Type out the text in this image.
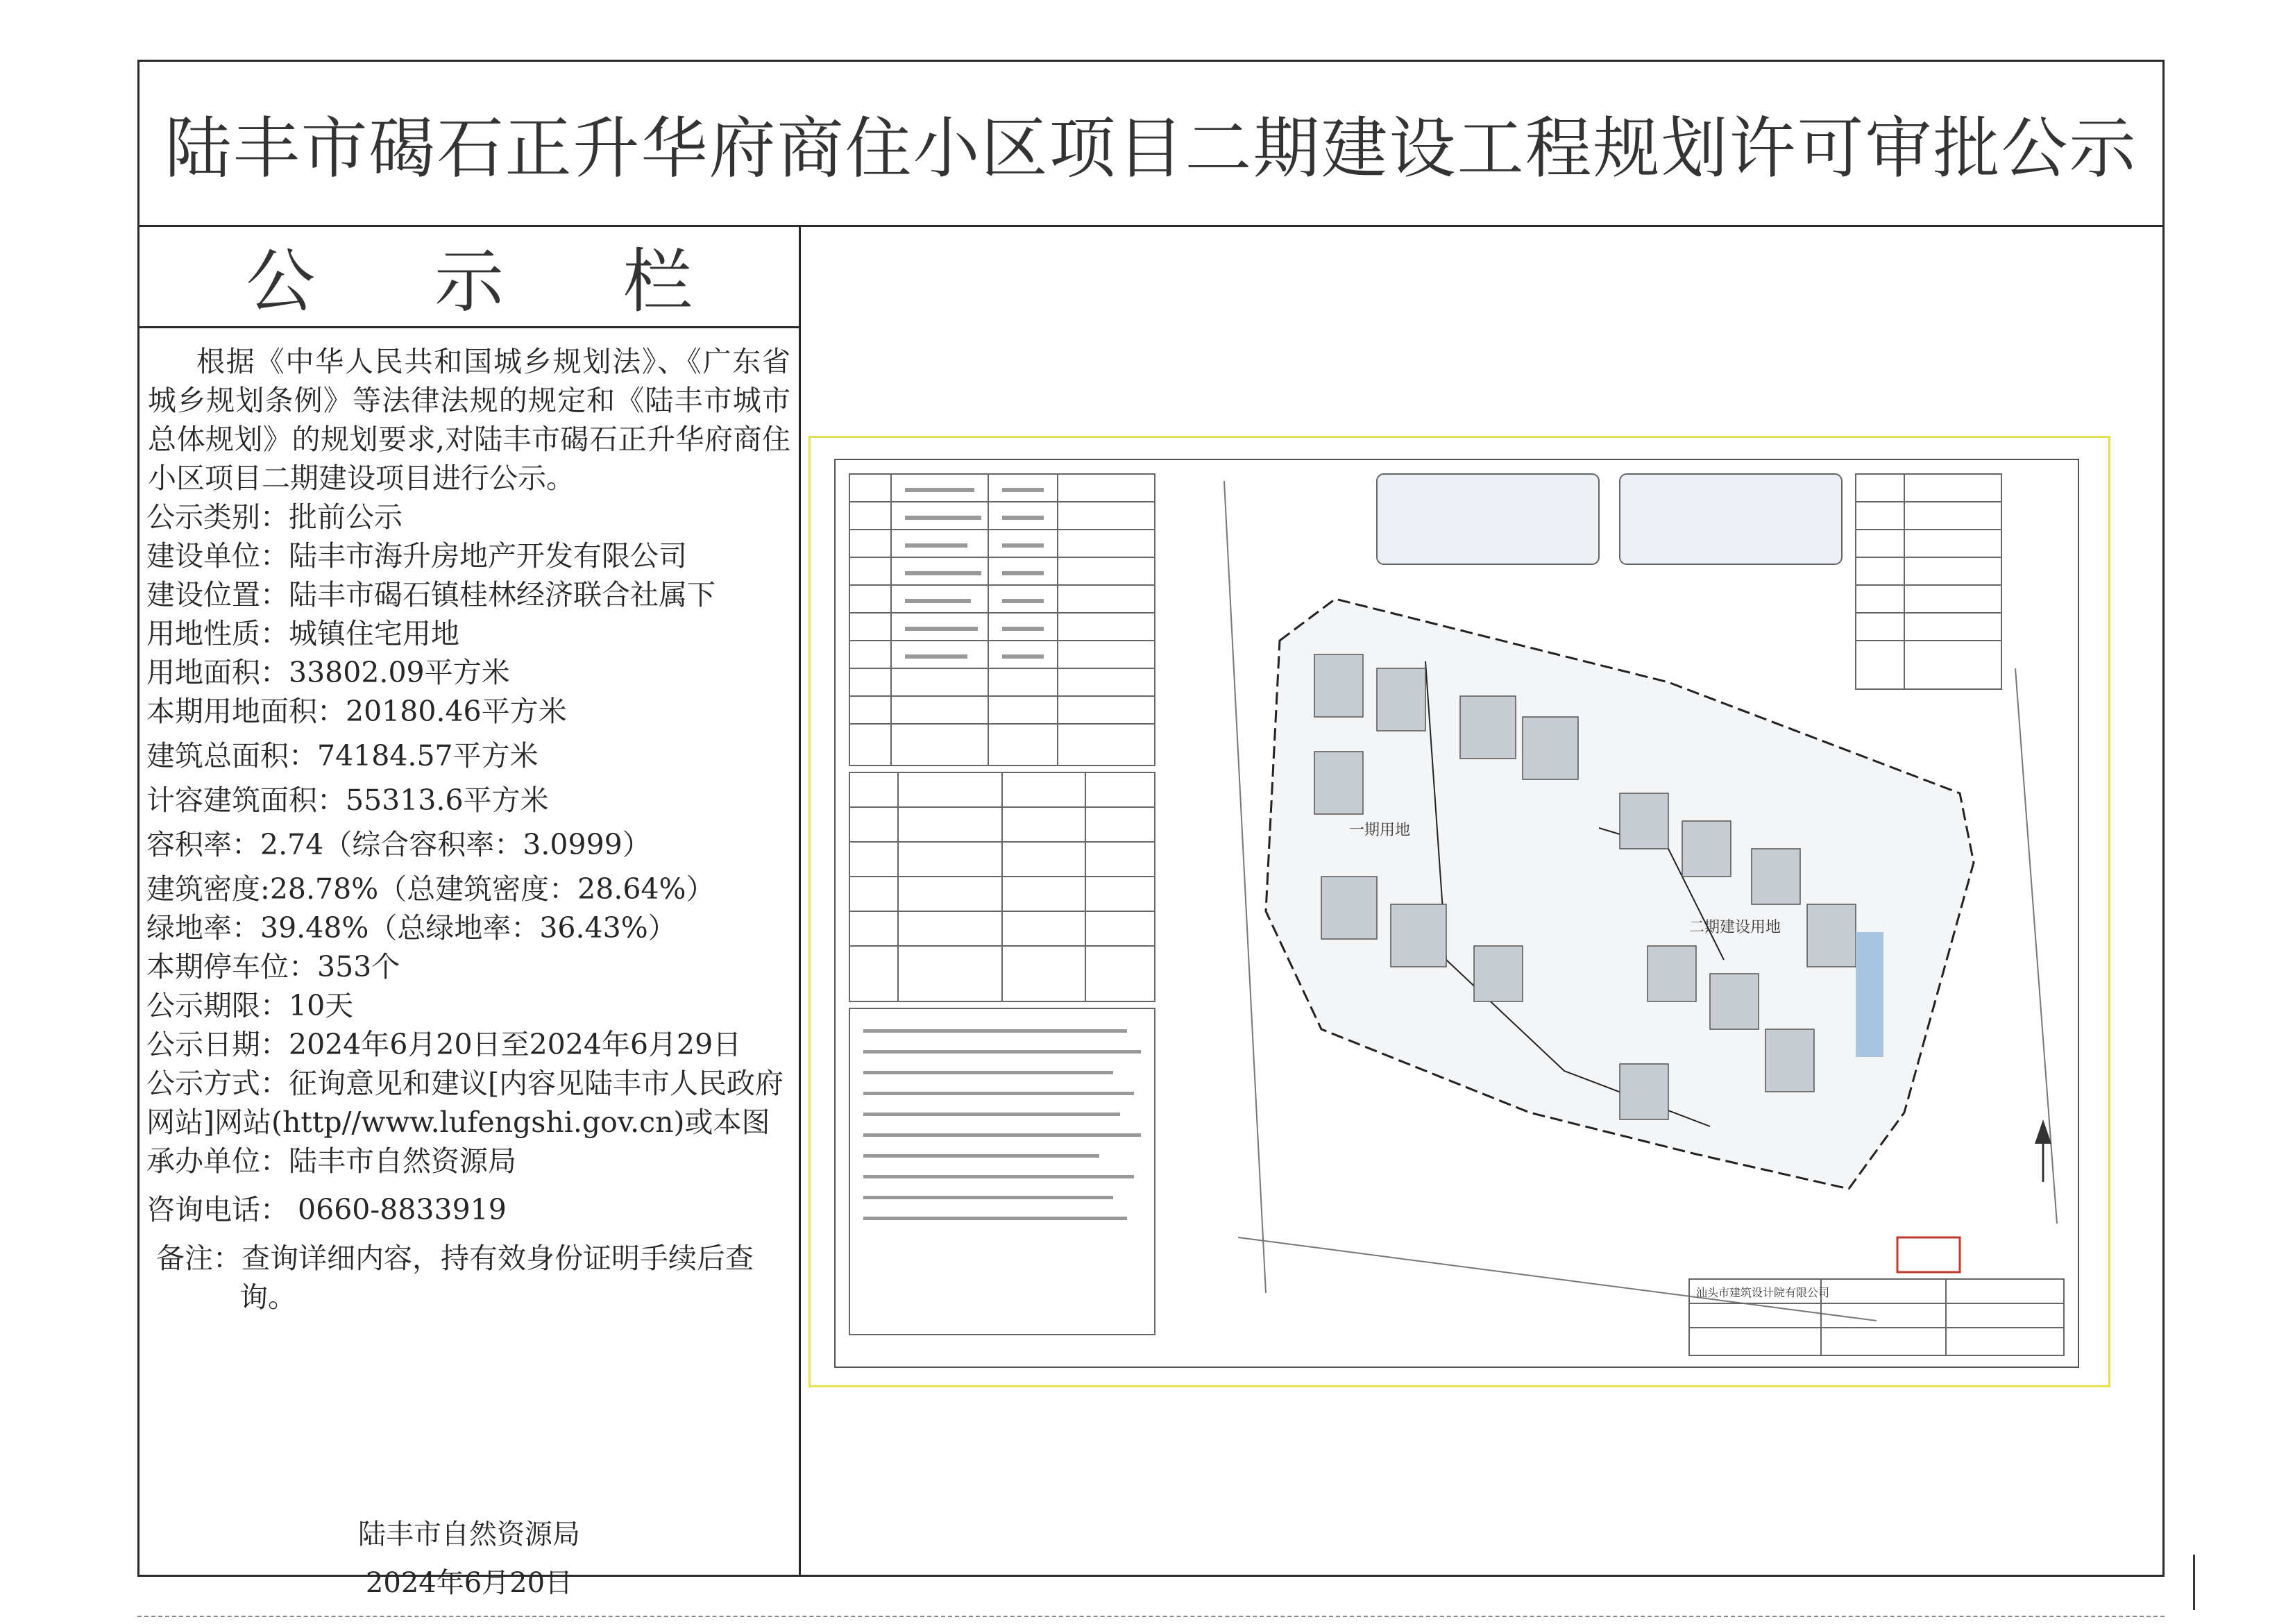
陆丰市碣石正升华府商住小区项目二期建设工程规划许可审批公示
公 示 栏
根据《中华人民共和国城乡规划法》、《广东省城乡规划条例》等法律法规的规定和《陆丰市城市总体规划》的规划要求,对陆丰市碣石正升华府商住小区项目二期建设项目进行公示。
公示类别：批前公示
建设单位：陆丰市海升房地产开发有限公司
建设位置：陆丰市碣石镇桂林经济联合社属下
用地性质：城镇住宅用地
用地面积：33802.09平方米
本期用地面积：20180.46平方米
建筑总面积：74184.57平方米
计容建筑面积：55313.6平方米
容积率：2.74（综合容积率：3.0999）
建筑密度:28.78%（总建筑密度：28.64%）
绿地率：39.48%（总绿地率：36.43%）
本期停车位：353个
公示期限：10天
公示日期：2024年6月20日至2024年6月29日
公示方式：征询意见和建议[内容见陆丰市人民政府网站]网站(http//www.lufengshi.gov.cn)或本图承办单位：陆丰市自然资源局
咨询电话： 0660-8833919
备注：查询详细内容，持有效身份证明手续后查询。
陆丰市自然资源局
2024年6月20日
一期用地
二期建设用地
汕头市建筑设计院有限公司
